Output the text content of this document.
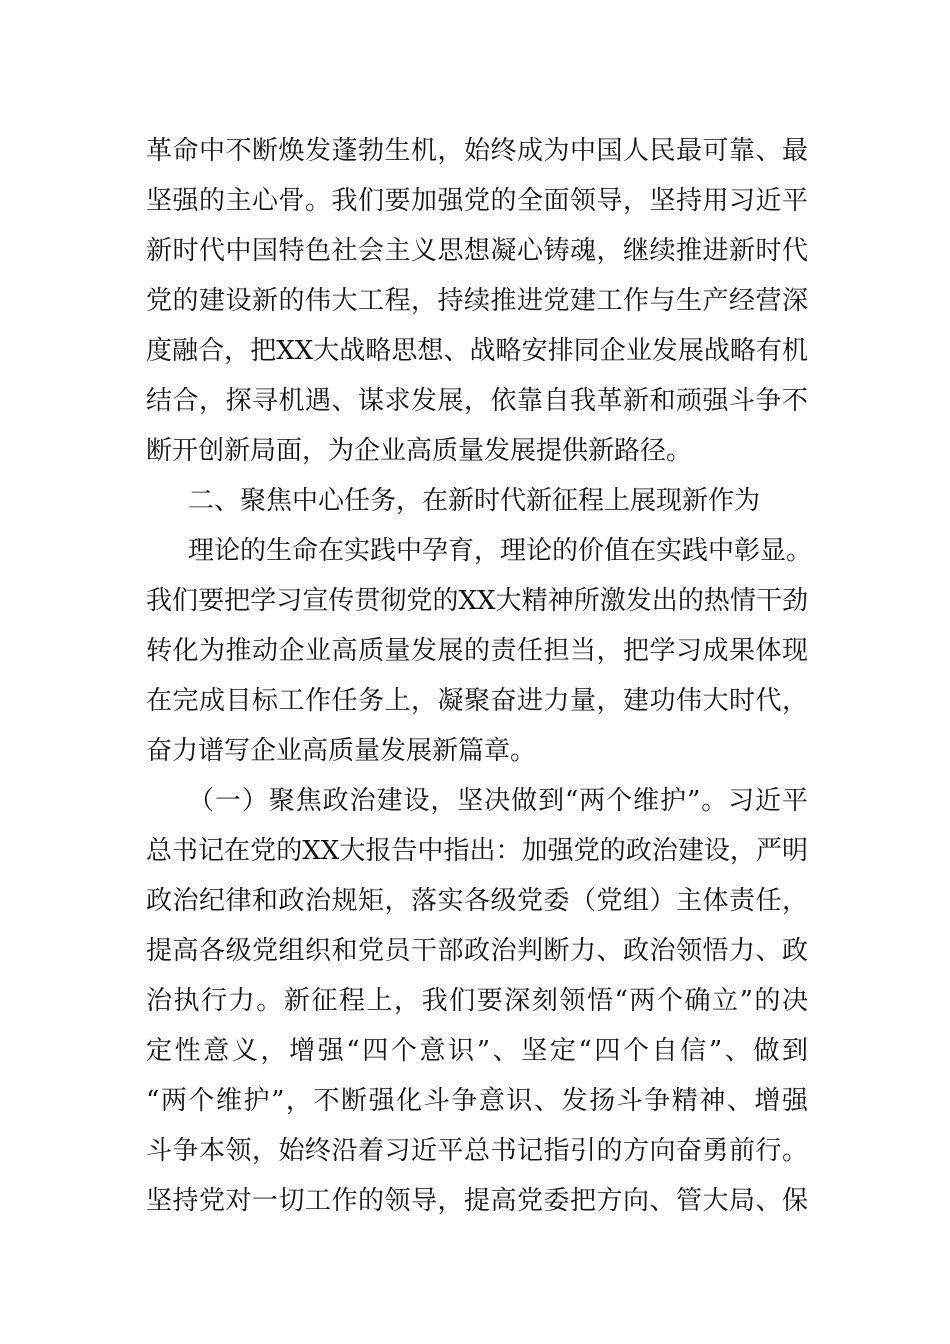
革命中不断焕发蓬勃生机，始终成为中国人民最可靠、最
坚强的主心骨。我们要加强党的全面领导，坚持用习近平
新时代中国特色社会主义思想凝心铸魂，继续推进新时代
党的建设新的伟大工程，持续推进党建工作与生产经营深
度融合，把XX大战略思想、战略安排同企业发展战略有机
结合，探寻机遇、谋求发展，依靠自我革新和顽强斗争不
断开创新局面，为企业高质量发展提供新路径。
二、聚焦中心任务，在新时代新征程上展现新作为
理论的生命在实践中孕育，理论的价值在实践中彰显。
我们要把学习宣传贯彻党的XX大精神所激发出的热情干劲
转化为推动企业高质量发展的责任担当，把学习成果体现
在完成目标工作任务上，凝聚奋进力量，建功伟大时代，
奋力谱写企业高质量发展新篇章。
（一）聚焦政治建设，坚决做到“两个维护”。习近平
总书记在党的XX大报告中指出：加强党的政治建设，严明
政治纪律和政治规矩，落实各级党委（党组）主体责任，
提高各级党组织和党员干部政治判断力、政治领悟力、政
治执行力。新征程上，我们要深刻领悟“两个确立”的决
定性意义，增强“四个意识”、坚定“四个自信”、做到
“两个维护”，不断强化斗争意识、发扬斗争精神、增强
斗争本领，始终沿着习近平总书记指引的方向奋勇前行。
坚持党对一切工作的领导，提高党委把方向、管大局、保
